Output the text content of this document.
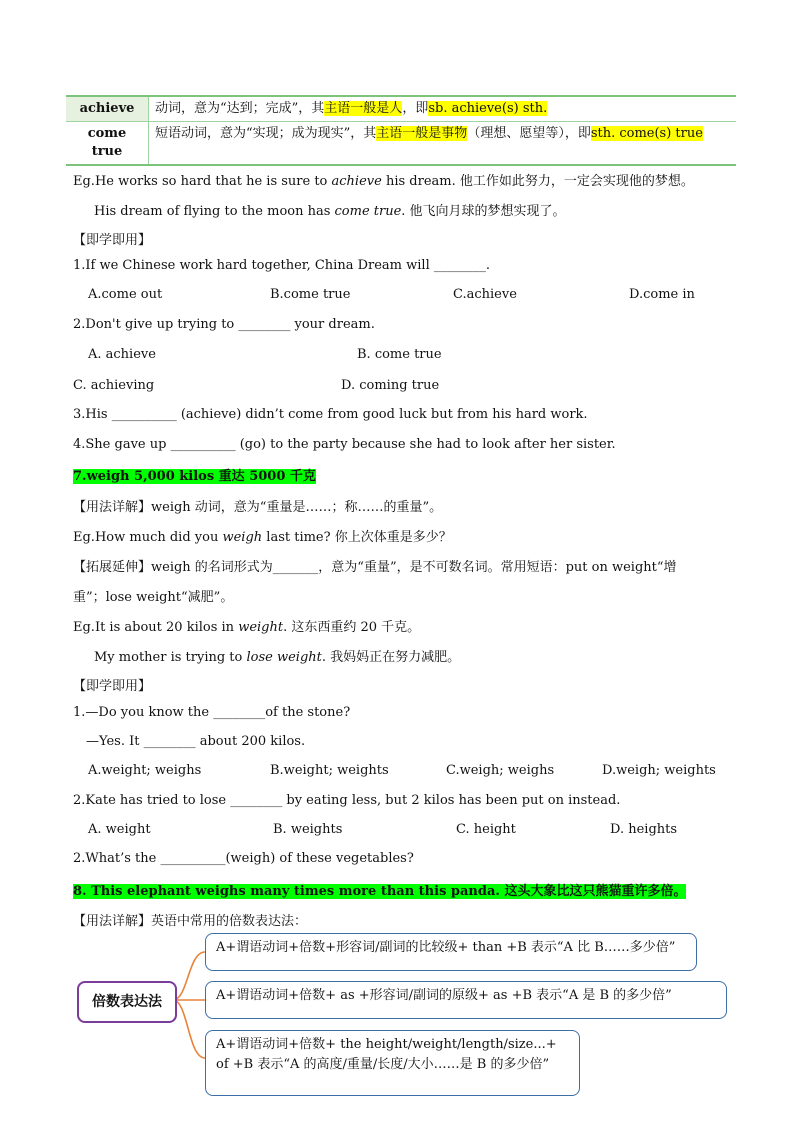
achieve	动词，意为“达到；完成”，其主语一般是人，即sb. achieve(s) sth.
come true	短语动词，意为“实现；成为现实”，其主语一般是事物（理想、愿望等），即sth. come(s) true
Eg.He works so hard that he is sure to achieve his dream. 他工作如此努力，一定会实现他的梦想。
His dream of flying to the moon has come true. 他飞向月球的梦想实现了。
【即学即用】
1.If we Chinese work hard together, China Dream will ________.
A.come out	B.come true	C.achieve	D.come in
2.Don't give up trying to ________ your dream.
A. achieve	B. come true
C. achieving	D. coming true
3.His __________ (achieve) didn’t come from good luck but from his hard work.
4.She gave up __________ (go) to the party because she had to look after her sister.
7.weigh 5,000 kilos 重达 5000 千克
【用法详解】weigh 动词，意为“重量是……；称……的重量”。
Eg.How much did you weigh last time? 你上次体重是多少？
【拓展延伸】weigh 的名词形式为_______，意为“重量”，是不可数名词。常用短语：put on weight“增
重”；lose weight“减肥”。
Eg.It is about 20 kilos in weight. 这东西重约 20 千克。
My mother is trying to lose weight. 我妈妈正在努力减肥。
【即学即用】
1.—Do you know the ________of the stone?
—Yes. It ________ about 200 kilos.
A.weight; weighs	B.weight; weights	C.weigh; weighs	D.weigh; weights
2.Kate has tried to lose ________ by eating less, but 2 kilos has been put on instead.
A. weight	B. weights	C. height	D. heights
2.What’s the __________(weigh) of these vegetables?
8. This elephant weighs many times more than this panda. 这头大象比这只熊猫重许多倍。
【用法详解】英语中常用的倍数表达法：
倍数表达法
A+谓语动词+倍数+形容词/副词的比较级+ than +B 表示“A 比 B……多少倍”
A+谓语动词+倍数+ as +形容词/副词的原级+ as +B 表示“A 是 B 的多少倍”
A+谓语动词+倍数+ the height/weight/length/size...+ of +B 表示“A 的高度/重量/长度/大小……是 B 的多少倍”
